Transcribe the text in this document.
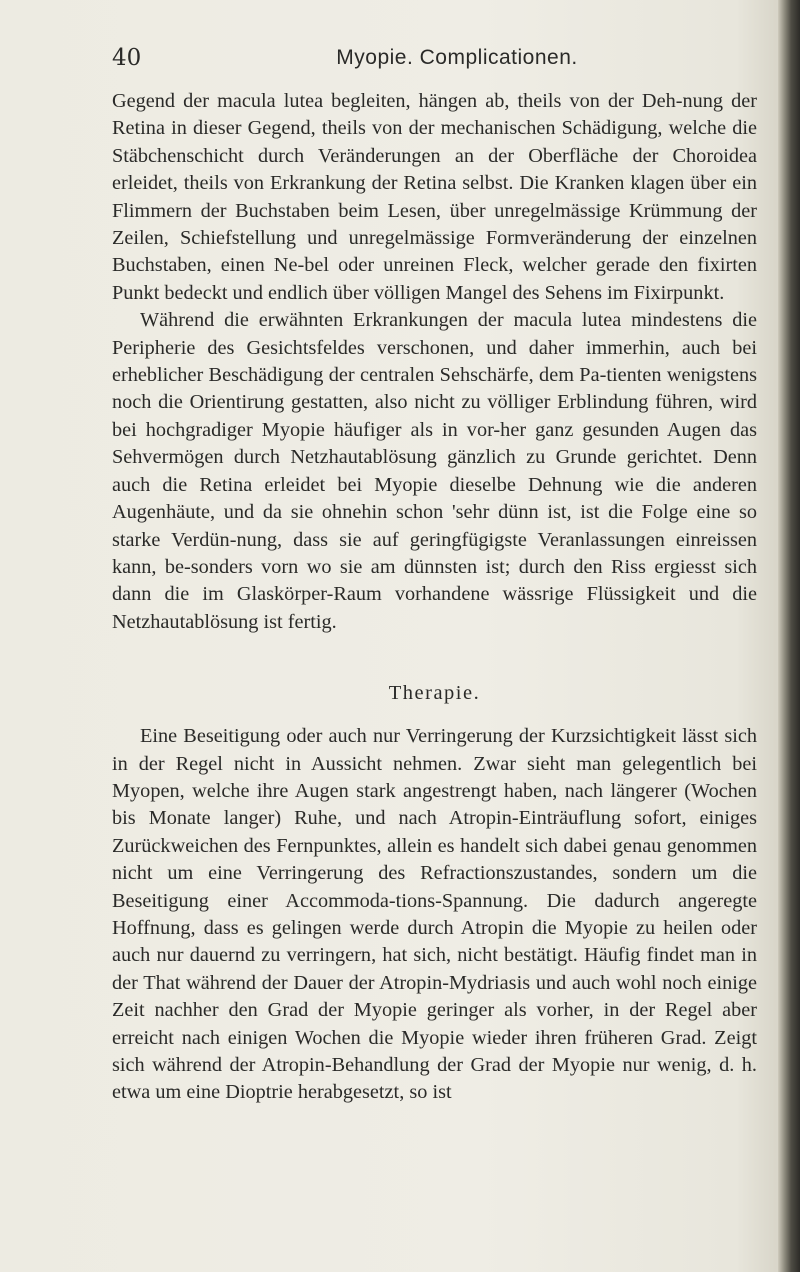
40	Myopie. Complicationen.

Gegend der macula lutea begleiten, hängen ab, theils von der Deh-nung der Retina in dieser Gegend, theils von der mechanischen Schädigung, welche die Stäbchenschicht durch Veränderungen an der Oberfläche der Choroidea erleidet, theils von Erkrankung der Retina selbst. Die Kranken klagen über ein Flimmern der Buchstaben beim Lesen, über unregelmässige Krümmung der Zeilen, Schiefstellung und unregelmässige Formveränderung der einzelnen Buchstaben, einen Ne-bel oder unreinen Fleck, welcher gerade den fixirten Punkt bedeckt und endlich über völligen Mangel des Sehens im Fixirpunkt.

Während die erwähnten Erkrankungen der macula lutea mindestens die Peripherie des Gesichtsfeldes verschonen, und daher immerhin, auch bei erheblicher Beschädigung der centralen Sehschärfe, dem Pa-tienten wenigstens noch die Orientirung gestatten, also nicht zu völliger Erblindung führen, wird bei hochgradiger Myopie häufiger als in vor-her ganz gesunden Augen das Sehvermögen durch Netzhautablösung gänzlich zu Grunde gerichtet. Denn auch die Retina erleidet bei Myopie dieselbe Dehnung wie die anderen Augenhäute, und da sie ohnehin schon 'sehr dünn ist, ist die Folge eine so starke Verdün-nung, dass sie auf geringfügigste Veranlassungen einreissen kann, be-sonders vorn wo sie am dünnsten ist; durch den Riss ergiesst sich dann die im Glaskörper-Raum vorhandene wässrige Flüssigkeit und die Netzhautablösung ist fertig.

Therapie.

Eine Beseitigung oder auch nur Verringerung der Kurzsichtigkeit lässt sich in der Regel nicht in Aussicht nehmen. Zwar sieht man gelegentlich bei Myopen, welche ihre Augen stark angestrengt haben, nach längerer (Wochen bis Monate langer) Ruhe, und nach Atropin-Einträuflung sofort, einiges Zurückweichen des Fernpunktes, allein es handelt sich dabei genau genommen nicht um eine Verringerung des Refractionszustandes, sondern um die Beseitigung einer Accommoda-tions-Spannung. Die dadurch angeregte Hoffnung, dass es gelingen werde durch Atropin die Myopie zu heilen oder auch nur dauernd zu verringern, hat sich, nicht bestätigt. Häufig findet man in der That während der Dauer der Atropin-Mydriasis und auch wohl noch einige Zeit nachher den Grad der Myopie geringer als vorher, in der Regel aber erreicht nach einigen Wochen die Myopie wieder ihren früheren Grad. Zeigt sich während der Atropin-Behandlung der Grad der Myopie nur wenig, d. h. etwa um eine Dioptrie herabgesetzt, so ist
